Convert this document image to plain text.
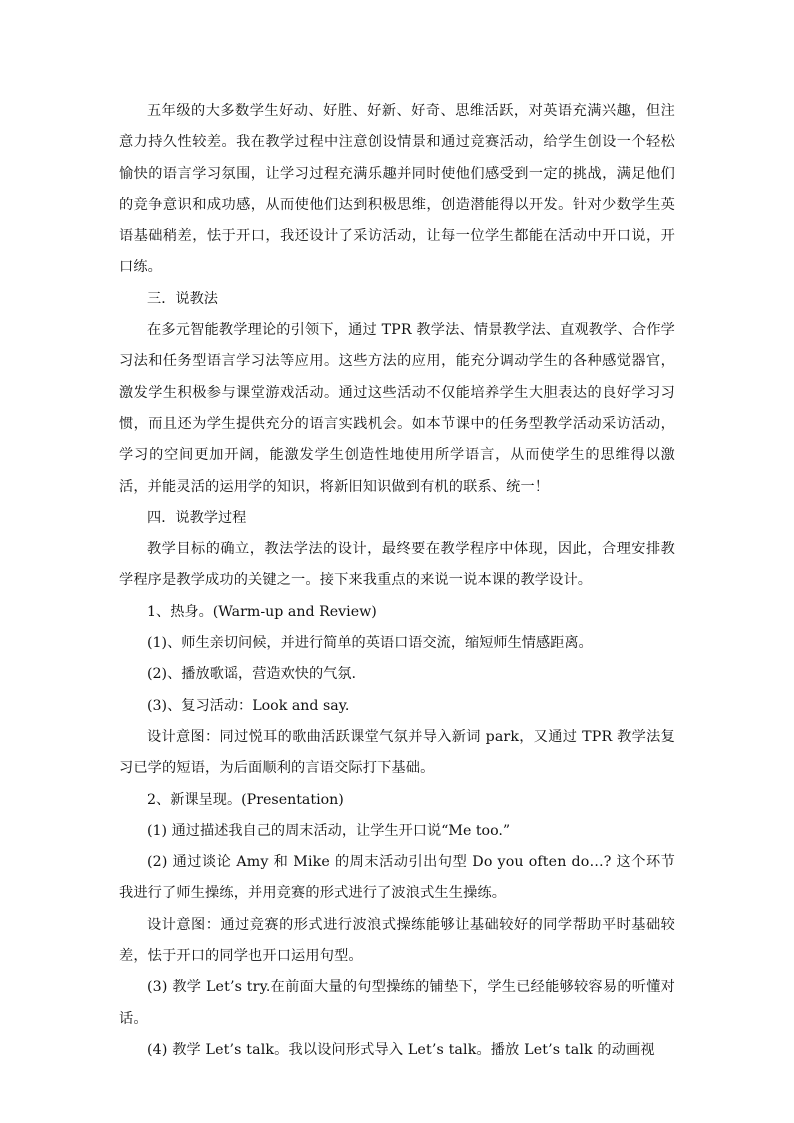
五年级的大多数学生好动、好胜、好新、好奇、思维活跃，对英语充满兴趣，但注意力持久性较差。我在教学过程中注意创设情景和通过竞赛活动，给学生创设一个轻松愉快的语言学习氛围，让学习过程充满乐趣并同时使他们感受到一定的挑战，满足他们的竞争意识和成功感，从而使他们达到积极思维，创造潜能得以开发。针对少数学生英语基础稍差，怯于开口，我还设计了采访活动，让每一位学生都能在活动中开口说，开口练。

三．说教法

在多元智能教学理论的引领下，通过 TPR 教学法、情景教学法、直观教学、合作学习法和任务型语言学习法等应用。这些方法的应用，能充分调动学生的各种感觉器官，激发学生积极参与课堂游戏活动。通过这些活动不仅能培养学生大胆表达的良好学习习惯，而且还为学生提供充分的语言实践机会。如本节课中的任务型教学活动采访活动，学习的空间更加开阔，能激发学生创造性地使用所学语言，从而使学生的思维得以激活，并能灵活的运用学的知识，将新旧知识做到有机的联系、统一！

四．说教学过程

教学目标的确立，教法学法的设计，最终要在教学程序中体现，因此，合理安排教学程序是教学成功的关键之一。接下来我重点的来说一说本课的教学设计。

1、热身。(Warm-up and Review)

(1)、师生亲切问候，并进行简单的英语口语交流，缩短师生情感距离。

(2)、播放歌谣，营造欢快的气氛.

(3)、复习活动：Look and say.

设计意图：同过悦耳的歌曲活跃课堂气氛并导入新词 park，又通过 TPR 教学法复习已学的短语，为后面顺利的言语交际打下基础。

2、新课呈现。(Presentation)

(1) 通过描述我自己的周末活动，让学生开口说“Me too.”

(2) 通过谈论 Amy 和 Mike 的周末活动引出句型 Do you often do…? 这个环节我进行了师生操练，并用竞赛的形式进行了波浪式生生操练。

设计意图：通过竞赛的形式进行波浪式操练能够让基础较好的同学帮助平时基础较差，怯于开口的同学也开口运用句型。

(3) 教学 Let’s try.在前面大量的句型操练的铺垫下，学生已经能够较容易的听懂对话。

(4) 教学 Let’s talk。我以设问形式导入 Let’s talk。播放 Let’s talk 的动画视
